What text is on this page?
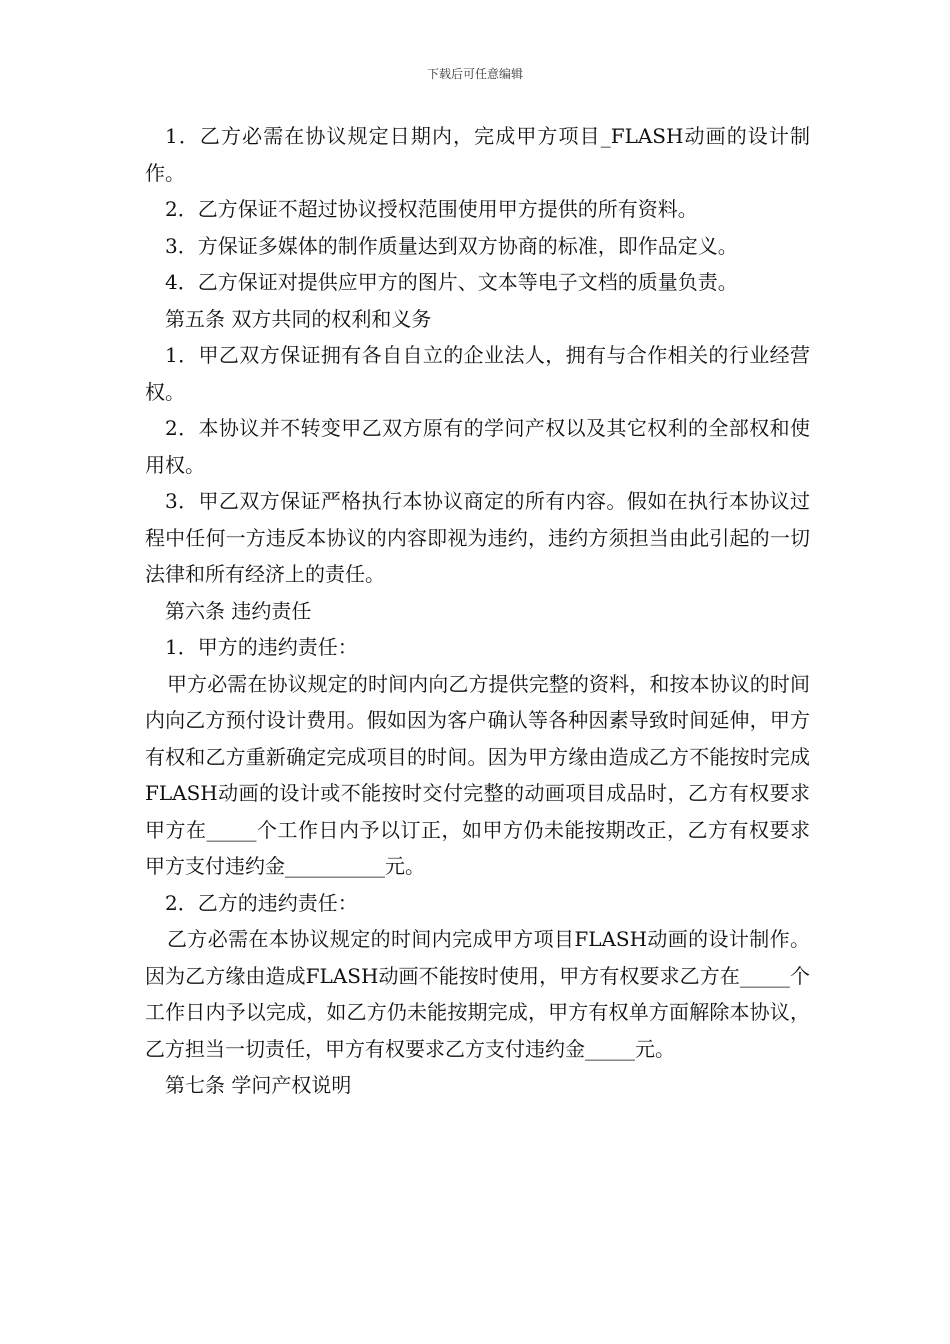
下载后可任意编辑

1．乙方必需在协议规定日期内，完成甲方项目_FLASH动画的设计制作。

2．乙方保证不超过协议授权范围使用甲方提供的所有资料。

3．方保证多媒体的制作质量达到双方协商的标准，即作品定义。

4．乙方保证对提供应甲方的图片、文本等电子文档的质量负责。

第五条 双方共同的权利和义务

1．甲乙双方保证拥有各自自立的企业法人，拥有与合作相关的行业经营权。

2．本协议并不转变甲乙双方原有的学问产权以及其它权利的全部权和使用权。

3．甲乙双方保证严格执行本协议商定的所有内容。假如在执行本协议过程中任何一方违反本协议的内容即视为违约，违约方须担当由此引起的一切法律和所有经济上的责任。

第六条 违约责任

1．甲方的违约责任：

甲方必需在协议规定的时间内向乙方提供完整的资料，和按本协议的时间内向乙方预付设计费用。假如因为客户确认等各种因素导致时间延伸，甲方有权和乙方重新确定完成项目的时间。因为甲方缘由造成乙方不能按时完成FLASH动画的设计或不能按时交付完整的动画项目成品时，乙方有权要求甲方在_____个工作日内予以订正，如甲方仍未能按期改正，乙方有权要求甲方支付违约金__________元。

2．乙方的违约责任：

乙方必需在本协议规定的时间内完成甲方项目FLASH动画的设计制作。因为乙方缘由造成FLASH动画不能按时使用，甲方有权要求乙方在_____个工作日内予以完成，如乙方仍未能按期完成，甲方有权单方面解除本协议，乙方担当一切责任，甲方有权要求乙方支付违约金_____元。

第七条 学问产权说明
